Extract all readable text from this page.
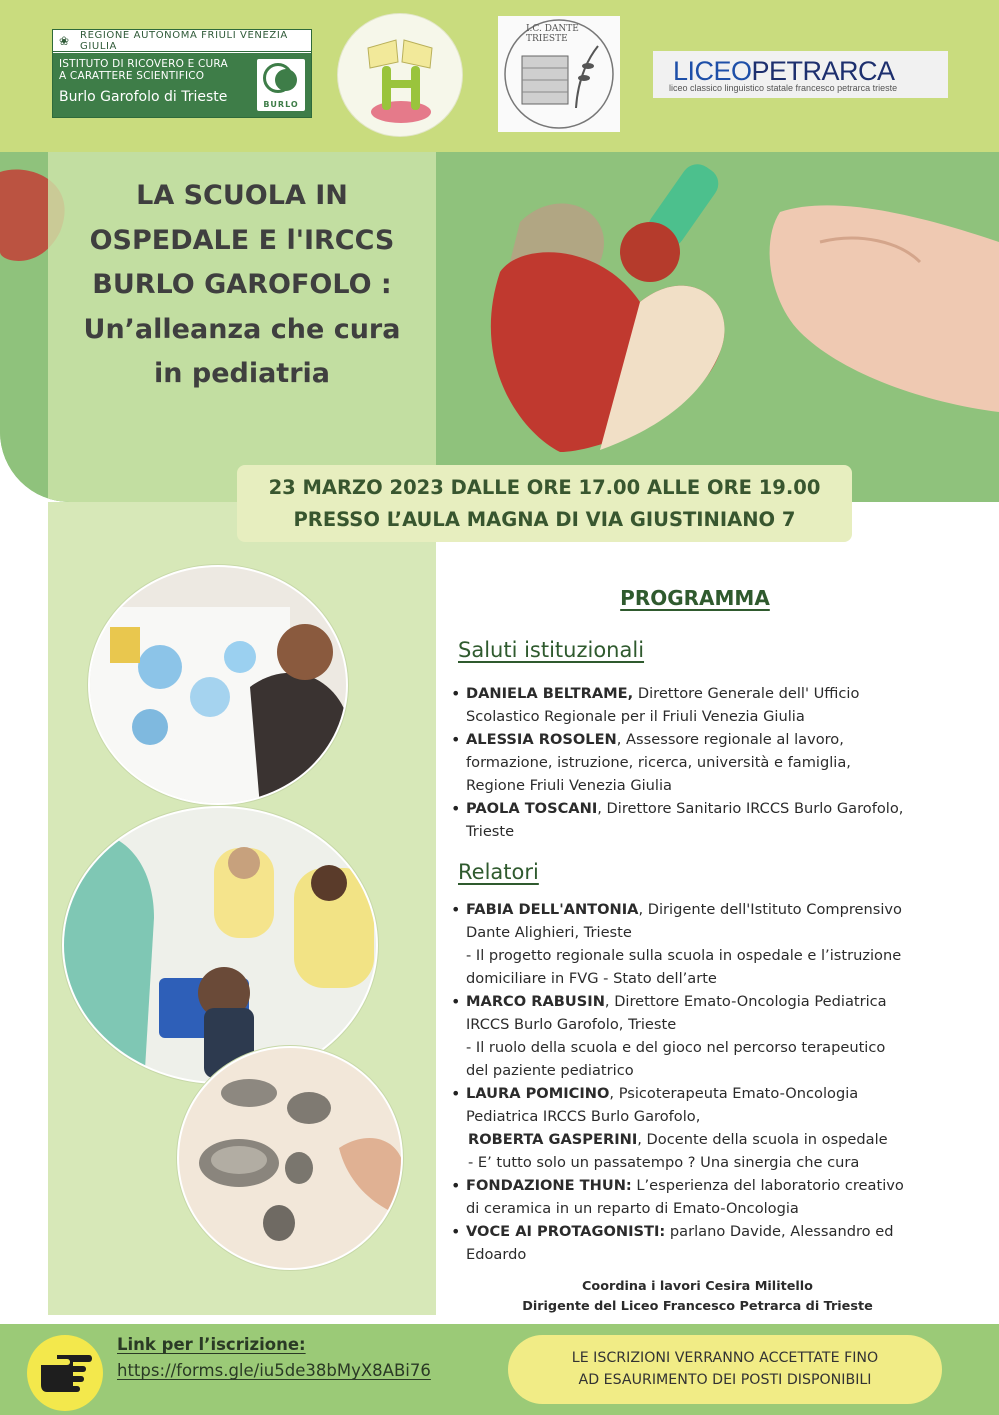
❀ REGIONE AUTONOMA FRIULI VENEZIA GIULIA
ISTITUTO DI RICOVERO E CURA
A CARATTERE SCIENTIFICO
Burlo Garofolo di Trieste	BURLO
I.C. DANTE TRIESTE
LICEOPETRARCA
liceo classico linguistico statale francesco petrarca trieste
LA SCUOLA IN
OSPEDALE E l'IRCCS
BURLO GAROFOLO :
Un’alleanza che cura
in pediatria
23 MARZO 2023 DALLE ORE 17.00 ALLE ORE 19.00
PRESSO L’AULA MAGNA DI VIA GIUSTINIANO 7
PROGRAMMA
Saluti istituzionali
• DANIELA BELTRAME, Direttore Generale dell' Ufficio
Scolastico Regionale per il Friuli Venezia Giulia
• ALESSIA ROSOLEN, Assessore regionale al lavoro,
formazione, istruzione, ricerca, università e famiglia,
Regione Friuli Venezia Giulia
• PAOLA TOSCANI, Direttore Sanitario IRCCS Burlo Garofolo,
Trieste
Relatori
• FABIA DELL'ANTONIA, Dirigente dell'Istituto Comprensivo
Dante Alighieri, Trieste
- Il progetto regionale sulla scuola in ospedale e l’istruzione
domiciliare in FVG - Stato dell’arte
• MARCO RABUSIN, Direttore Emato-Oncologia Pediatrica
IRCCS Burlo Garofolo, Trieste
- Il ruolo della scuola e del gioco nel percorso terapeutico
del paziente pediatrico
• LAURA POMICINO, Psicoterapeuta Emato-Oncologia
Pediatrica IRCCS Burlo Garofolo,
ROBERTA GASPERINI, Docente della scuola in ospedale
- E’ tutto solo un passatempo ? Una sinergia che cura
• FONDAZIONE THUN: L’esperienza del laboratorio creativo
di ceramica in un reparto di Emato-Oncologia
• VOCE AI PROTAGONISTI: parlano Davide, Alessandro ed
Edoardo
Coordina i lavori Cesira Militello
Dirigente del Liceo Francesco Petrarca di Trieste
Link per l’iscrizione:
https://forms.gle/iu5de38bMyX8ABi76
LE ISCRIZIONI VERRANNO ACCETTATE FINO
AD ESAURIMENTO DEI POSTI DISPONIBILI
